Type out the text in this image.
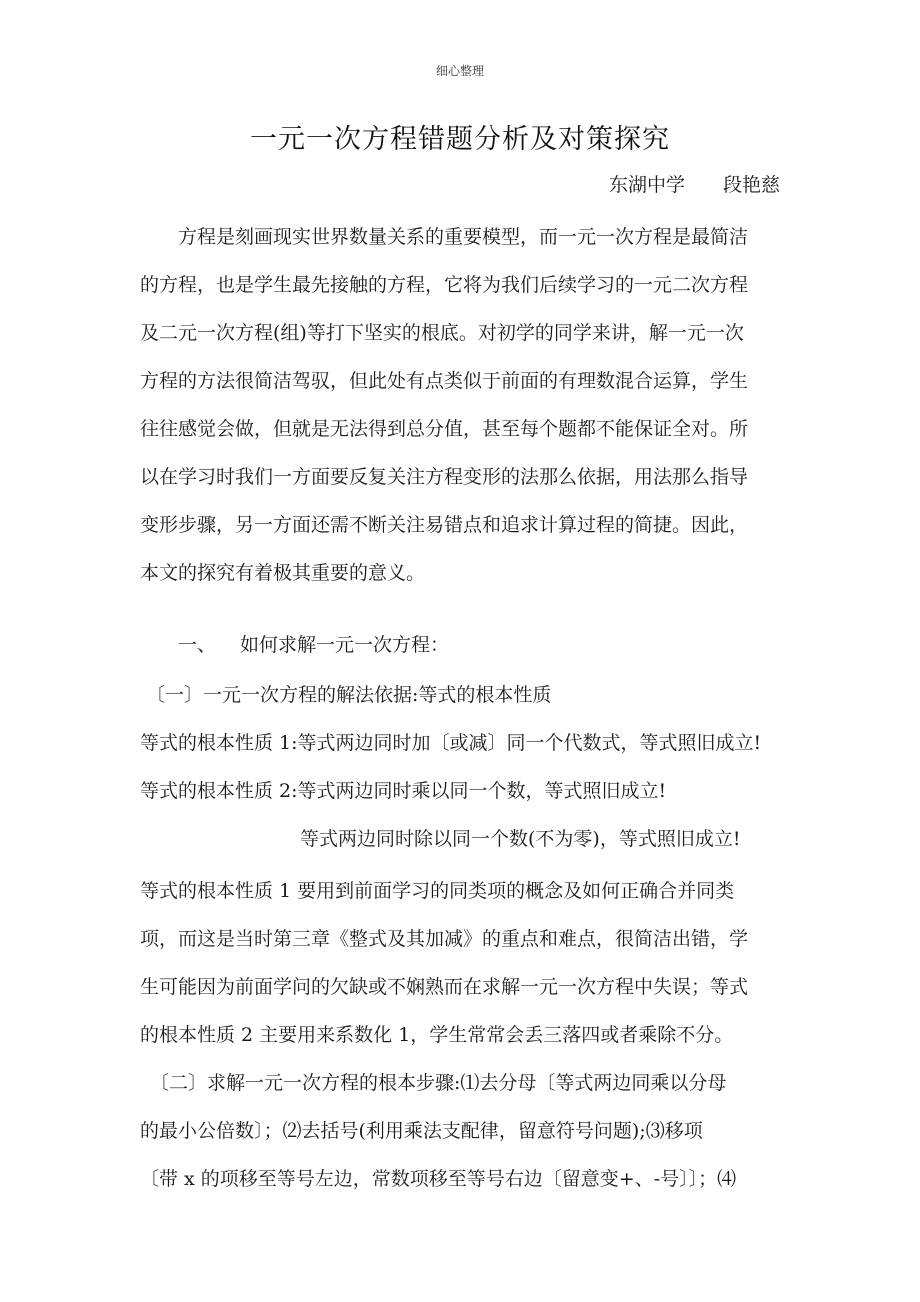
细心整理
一元一次方程错题分析及对策探究
东湖中学　　段艳慈
方程是刻画现实世界数量关系的重要模型，而一元一次方程是最简洁
的方程，也是学生最先接触的方程，它将为我们后续学习的一元二次方程
及二元一次方程(组)等打下坚实的根底。对初学的同学来讲，解一元一次
方程的方法很简洁驾驭，但此处有点类似于前面的有理数混合运算，学生
往往感觉会做，但就是无法得到总分值，甚至每个题都不能保证全对。所
以在学习时我们一方面要反复关注方程变形的法那么依据，用法那么指导
变形步骤，另一方面还需不断关注易错点和追求计算过程的简捷。因此，
本文的探究有着极其重要的意义。
一、	如何求解一元一次方程：
〔一〕一元一次方程的解法依据:等式的根本性质
等式的根本性质 1:等式两边同时加〔或减〕同一个代数式，等式照旧成立!
等式的根本性质 2:等式两边同时乘以同一个数，等式照旧成立!
等式两边同时除以同一个数(不为零)，等式照旧成立!
等式的根本性质 1 要用到前面学习的同类项的概念及如何正确合并同类
项，而这是当时第三章《整式及其加减》的重点和难点，很简洁出错，学
生可能因为前面学问的欠缺或不娴熟而在求解一元一次方程中失误；等式
的根本性质 2 主要用来系数化 1，学生常常会丢三落四或者乘除不分。
〔二〕求解一元一次方程的根本步骤:⑴去分母〔等式两边同乘以分母
的最小公倍数〕；⑵去括号(利用乘法支配律，留意符号问题);⑶移项
〔带 x 的项移至等号左边，常数项移至等号右边〔留意变+、-号〕〕；⑷
